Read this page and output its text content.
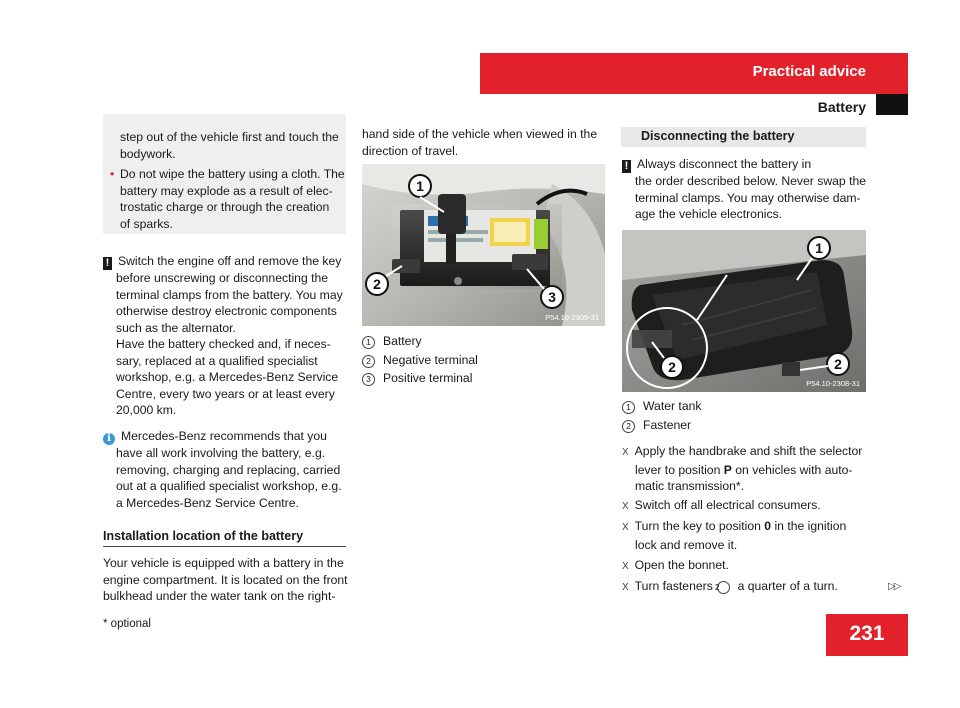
Practical advice
Battery

step out of the vehicle first and touch the

bodywork.

• Do not wipe the battery using a cloth. The

battery may explode as a result of elec-

trostatic charge or through the creation

of sparks.

! Switch the engine off and remove the key
before unscrewing or disconnecting the
terminal clamps from the battery. You may
otherwise destroy electronic components
such as the alternator.
Have the battery checked and, if neces-
sary, replaced at a qualified specialist
workshop, e.g. a Mercedes-Benz Service
Centre, every two years or at least every
20,000 km.
i Mercedes-Benz recommends that you
have all work involving the battery, e.g.
removing, charging and replacing, carried
out at a qualified specialist workshop, e.g.
a Mercedes-Benz Service Centre.
Installation location of the battery
Your vehicle is equipped with a battery in the
engine compartment. It is located on the front
bulkhead under the water tank on the right-
* optional
hand side of the vehicle when viewed in the
direction of travel.
1
2
3
P54.10-2309-31
1 Battery
2 Negative terminal
3 Positive terminal
Disconnecting the battery
! Always disconnect the battery in
the order described below. Never swap the
terminal clamps. You may otherwise dam-
age the vehicle electronics.
1
2	2
P54.10-2308-31
1 Water tank
2 Fastener
X Apply the handbrake and shift the selector
lever to position P on vehicles with auto-
matic transmission*.
X Switch off all electrical consumers.
X Turn the key to position 0 in the ignition
lock and remove it.
X Open the bonnet.
X Turn fasteners 2 a quarter of a turn.	▷▷
231
